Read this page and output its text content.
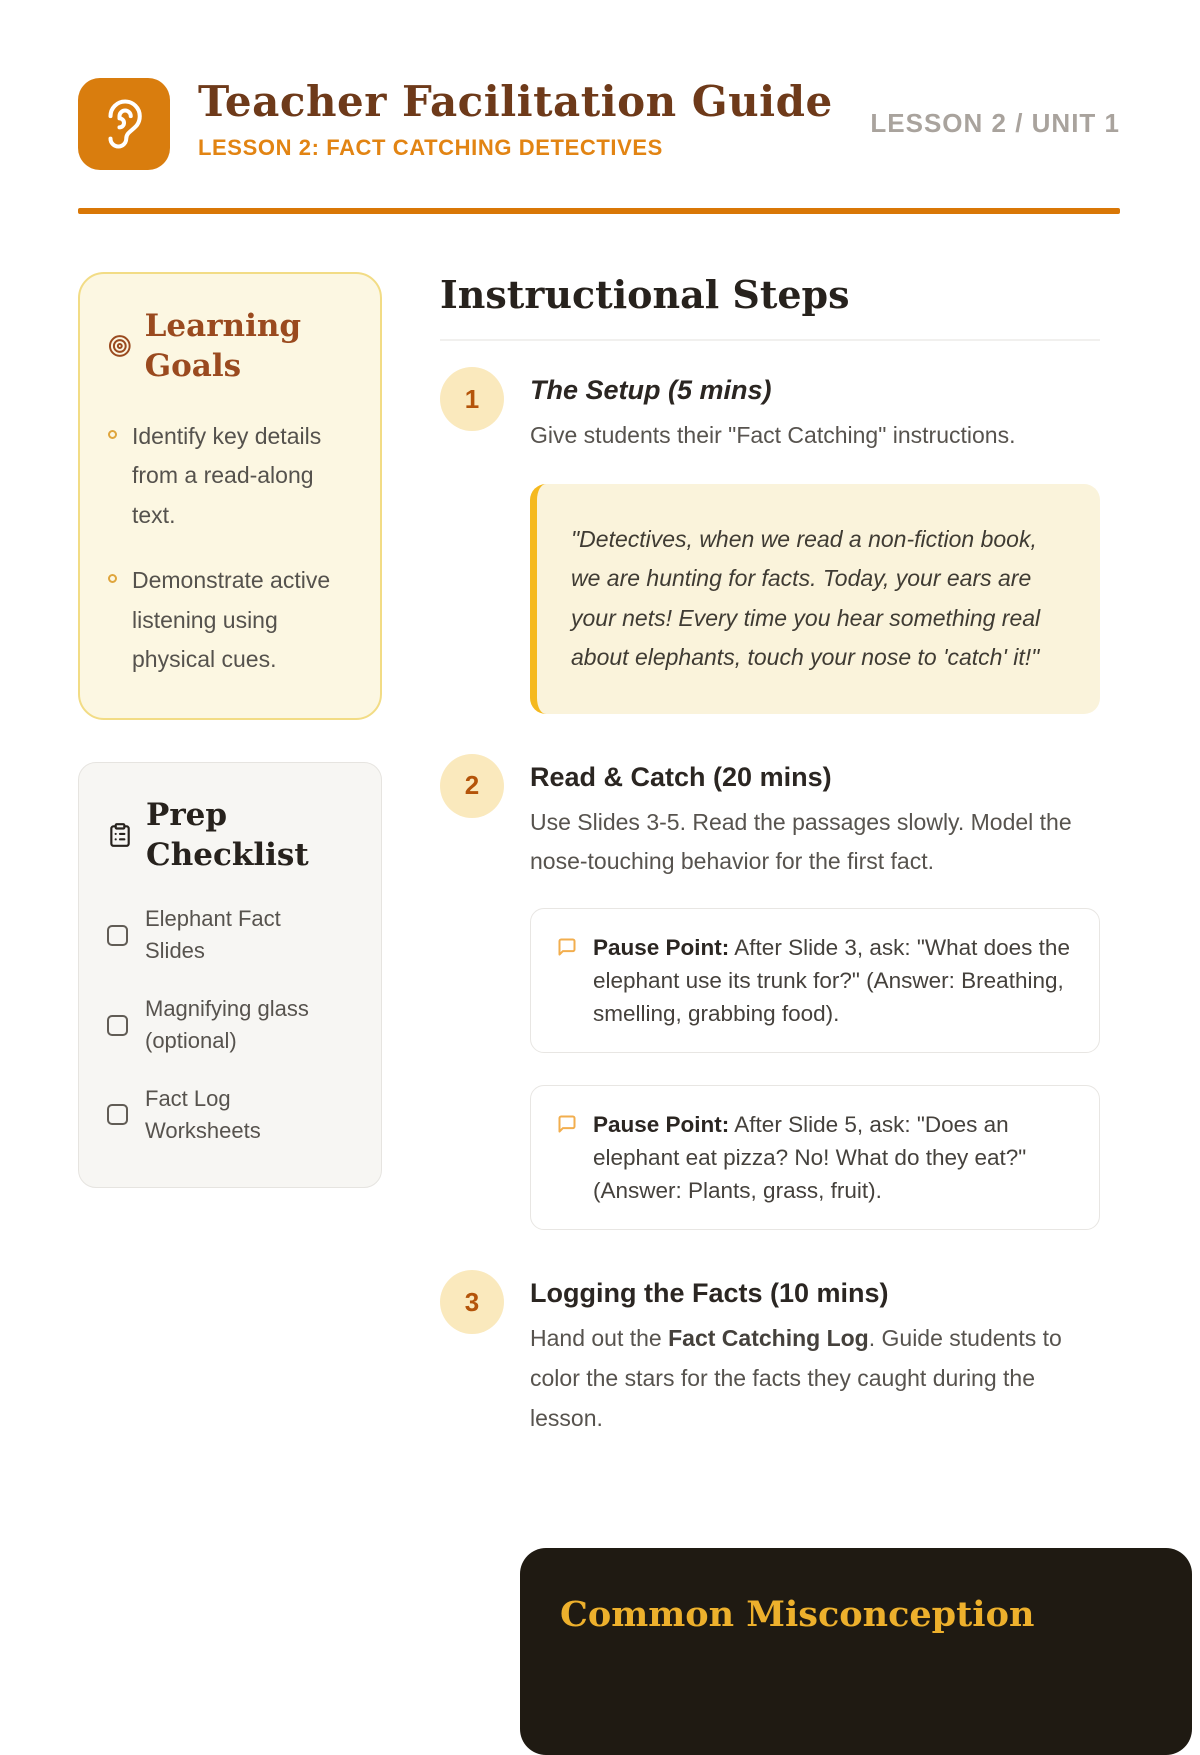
Teacher Facilitation Guide
LESSON 2: FACT CATCHING DETECTIVES
LESSON 2 / UNIT 1
Learning Goals
Identify key details from a read-along text.
Demonstrate active listening using physical cues.
Prep Checklist
Elephant Fact Slides
Magnifying glass (optional)
Fact Log Worksheets
Instructional Steps
1	The Setup (5 mins)
Give students their "Fact Catching" instructions.
"Detectives, when we read a non-fiction book, we are hunting for facts. Today, your ears are your nets! Every time you hear something real about elephants, touch your nose to 'catch' it!"
2	Read & Catch (20 mins)
Use Slides 3-5. Read the passages slowly. Model the nose-touching behavior for the first fact.
Pause Point: After Slide 3, ask: "What does the elephant use its trunk for?" (Answer: Breathing, smelling, grabbing food).
Pause Point: After Slide 5, ask: "Does an elephant eat pizza? No! What do they eat?" (Answer: Plants, grass, fruit).
3	Logging the Facts (10 mins)
Hand out the Fact Catching Log. Guide students to color the stars for the facts they caught during the lesson.
Common Misconception
